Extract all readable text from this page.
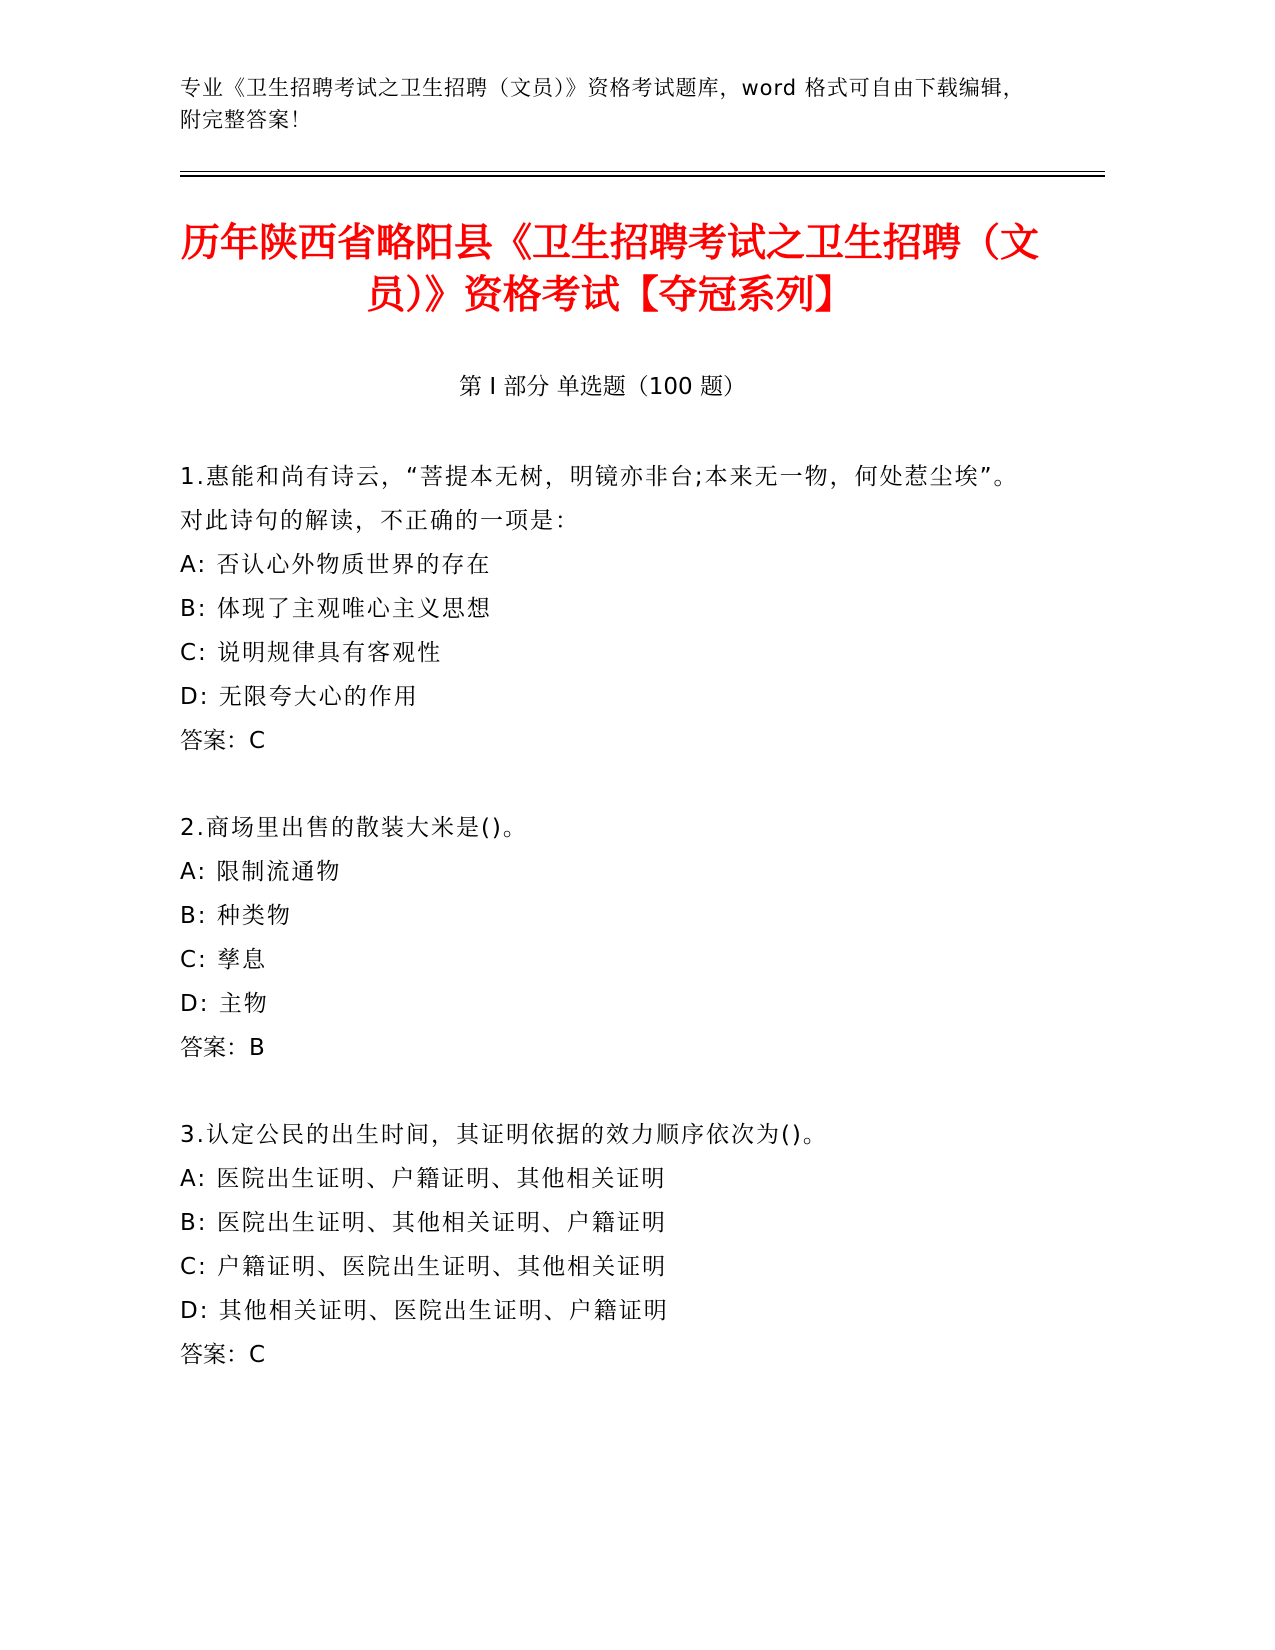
专业《卫生招聘考试之卫生招聘（文员）》资格考试题库，word 格式可自由下载编辑，附完整答案！
历年陕西省略阳县《卫生招聘考试之卫生招聘（文员）》资格考试【夺冠系列】
第 I 部分 单选题（100 题）
1.惠能和尚有诗云，“菩提本无树，明镜亦非台;本来无一物，何处惹尘埃”。对此诗句的解读，不正确的一项是：
A: 否认心外物质世界的存在
B: 体现了主观唯心主义思想
C: 说明规律具有客观性
D: 无限夸大心的作用
答案：C
2.商场里出售的散装大米是()。
A: 限制流通物
B: 种类物
C: 孳息
D: 主物
答案：B
3.认定公民的出生时间，其证明依据的效力顺序依次为()。
A: 医院出生证明、户籍证明、其他相关证明
B: 医院出生证明、其他相关证明、户籍证明
C: 户籍证明、医院出生证明、其他相关证明
D: 其他相关证明、医院出生证明、户籍证明
答案：C
